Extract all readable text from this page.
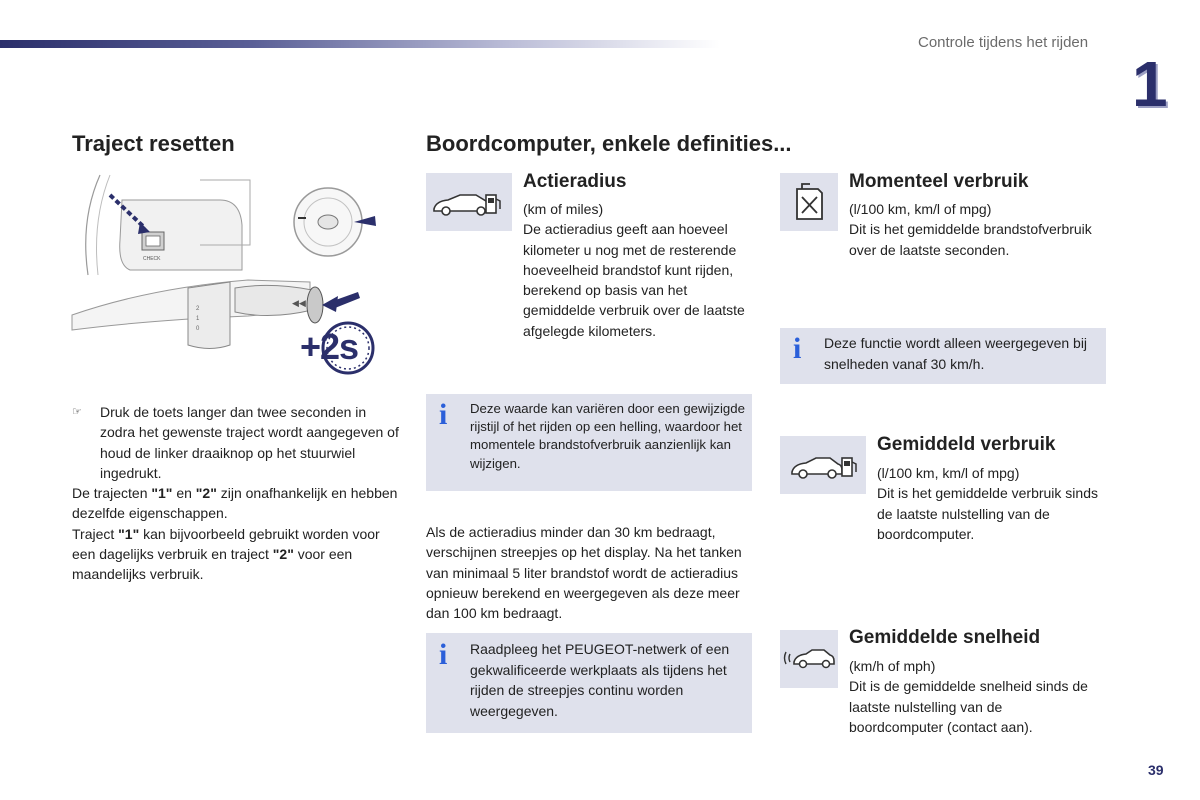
Controle tijdens het rijden
1
Traject resetten
CHECK
2
1
0
◀◀
+2s
☞ Druk de toets langer dan twee seconden in zodra het gewenste traject wordt aangegeven of houd de linker draaiknop op het stuurwiel ingedrukt.

De trajecten "1" en "2" zijn onafhankelijk en hebben dezelfde eigenschappen.

Traject "1" kan bijvoorbeeld gebruikt worden voor een dagelijks verbruik en traject "2" voor een maandelijks verbruik.

Boordcomputer, enkele definities...
Actieradius

(km of miles)

De actieradius geeft aan hoeveel kilometer u nog met de resterende hoeveelheid brandstof kunt rijden, berekend op basis van het gemiddelde verbruik over de laatste afgelegde kilometers.

i Deze waarde kan variëren door een gewijzigde rijstijl of het rijden op een helling, waardoor het momentele brandstofverbruik aanzienlijk kan wijzigen.

Als de actieradius minder dan 30 km bedraagt, verschijnen streepjes op het display. Na het tanken van minimaal 5 liter brandstof wordt de actieradius opnieuw berekend en weergegeven als deze meer dan 100 km bedraagt.

i Raadpleeg het PEUGEOT-netwerk of een gekwalificeerde werkplaats als tijdens het rijden de streepjes continu worden weergegeven.
Momenteel verbruik

(l/100 km, km/l of mpg)

Dit is het gemiddelde brandstofverbruik over de laatste seconden.

i Deze functie wordt alleen weergegeven bij snelheden vanaf 30 km/h.
Gemiddeld verbruik

(l/100 km, km/l of mpg)

Dit is het gemiddelde verbruik sinds de laatste nulstelling van de boordcomputer.

Gemiddelde snelheid

(km/h of mph)

Dit is de gemiddelde snelheid sinds de laatste nulstelling van de boordcomputer (contact aan).

39
